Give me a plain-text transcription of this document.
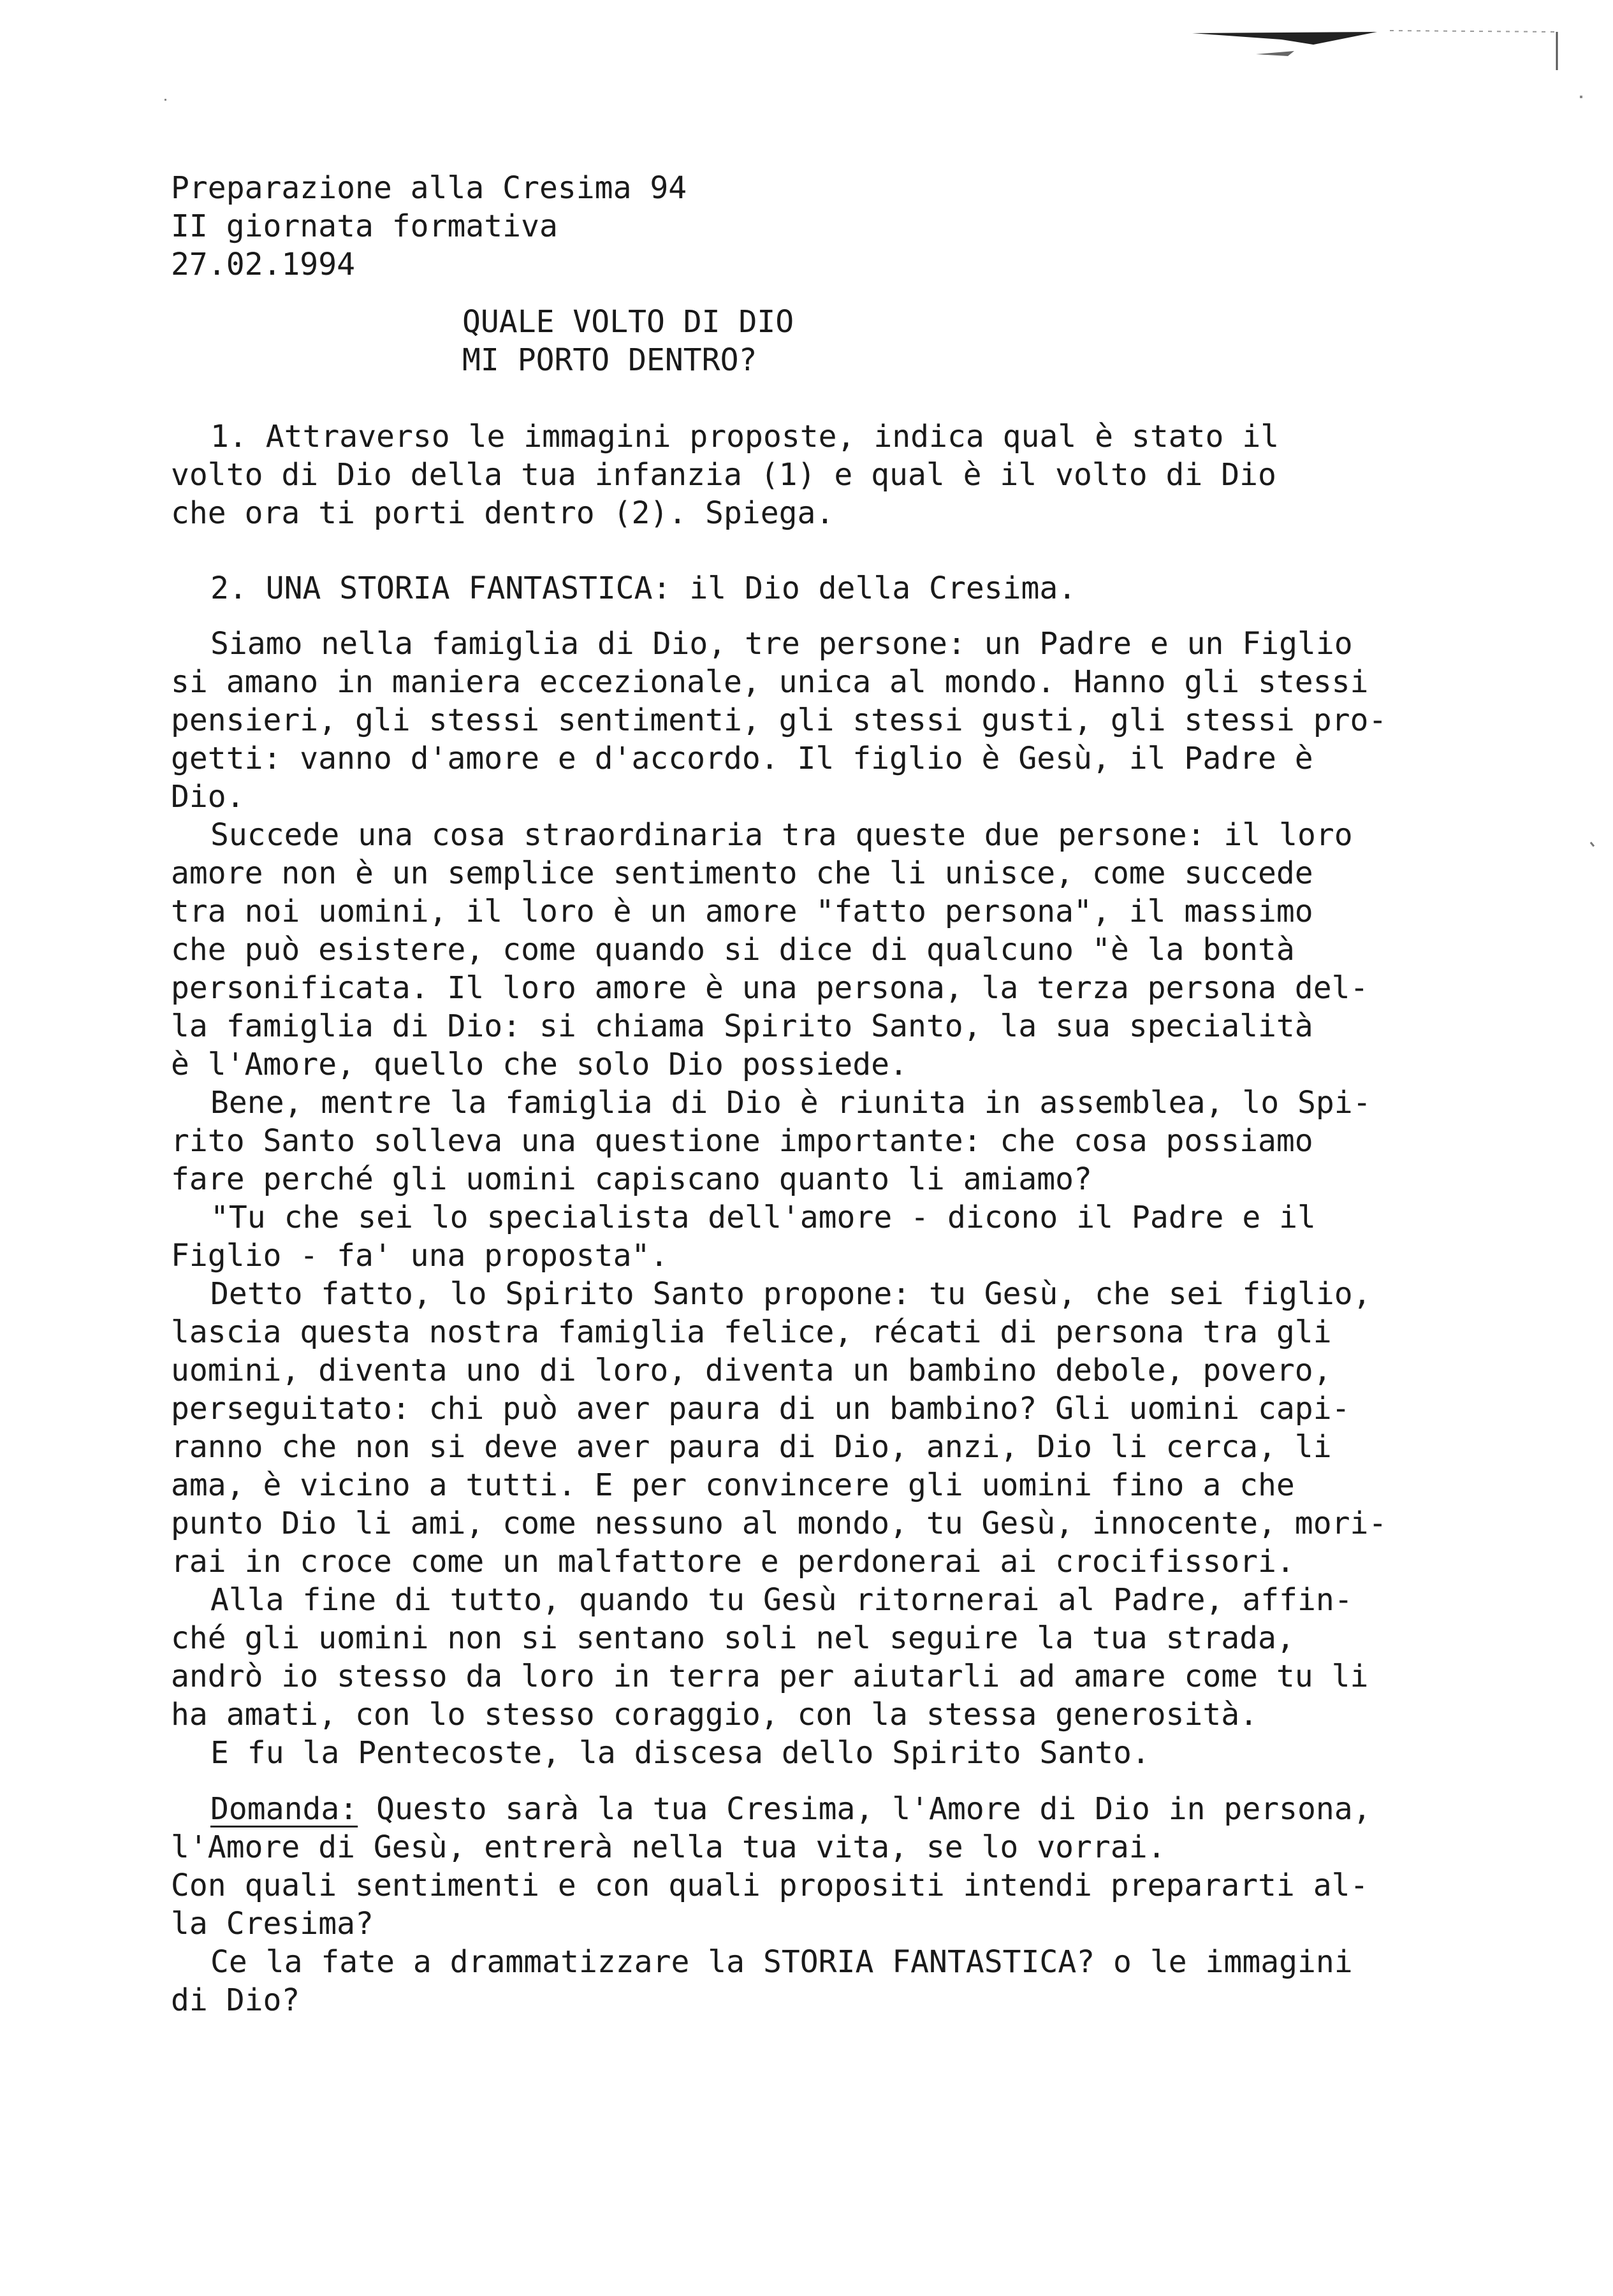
Preparazione alla Cresima 94
II giornata formativa
27.02.1994
QUALE VOLTO DI DIO
MI PORTO DENTRO?
1. Attraverso le immagini proposte, indica qual è stato il
volto di Dio della tua infanzia (1) e qual è il volto di Dio
che ora ti porti dentro (2). Spiega.
2. UNA STORIA FANTASTICA: il Dio della Cresima.
Siamo nella famiglia di Dio, tre persone: un Padre e un Figlio
si amano in maniera eccezionale, unica al mondo. Hanno gli stessi
pensieri, gli stessi sentimenti, gli stessi gusti, gli stessi pro-
getti: vanno d'amore e d'accordo. Il figlio è Gesù, il Padre è
Dio.
Succede una cosa straordinaria tra queste due persone: il loro
amore non è un semplice sentimento che li unisce, come succede
tra noi uomini, il loro è un amore "fatto persona", il massimo
che può esistere, come quando si dice di qualcuno "è la bontà
personificata. Il loro amore è una persona, la terza persona del-
la famiglia di Dio: si chiama Spirito Santo, la sua specialità
è l'Amore, quello che solo Dio possiede.
Bene, mentre la famiglia di Dio è riunita in assemblea, lo Spi-
rito Santo solleva una questione importante: che cosa possiamo
fare perché gli uomini capiscano quanto li amiamo?
"Tu che sei lo specialista dell'amore - dicono il Padre e il
Figlio - fa' una proposta".
Detto fatto, lo Spirito Santo propone: tu Gesù, che sei figlio,
lascia questa nostra famiglia felice, récati di persona tra gli
uomini, diventa uno di loro, diventa un bambino debole, povero,
perseguitato: chi può aver paura di un bambino? Gli uomini capi-
ranno che non si deve aver paura di Dio, anzi, Dio li cerca, li
ama, è vicino a tutti. E per convincere gli uomini fino a che
punto Dio li ami, come nessuno al mondo, tu Gesù, innocente, mori-
rai in croce come un malfattore e perdonerai ai crocifissori.
Alla fine di tutto, quando tu Gesù ritornerai al Padre, affin-
ché gli uomini non si sentano soli nel seguire la tua strada,
andrò io stesso da loro in terra per aiutarli ad amare come tu li
ha amati, con lo stesso coraggio, con la stessa generosità.
E fu la Pentecoste, la discesa dello Spirito Santo.
Domanda: Questo sarà la tua Cresima, l'Amore di Dio in persona,
l'Amore di Gesù, entrerà nella tua vita, se lo vorrai.
Con quali sentimenti e con quali propositi intendi prepararti al-
la Cresima?
Ce la fate a drammatizzare la STORIA FANTASTICA? o le immagini
di Dio?
